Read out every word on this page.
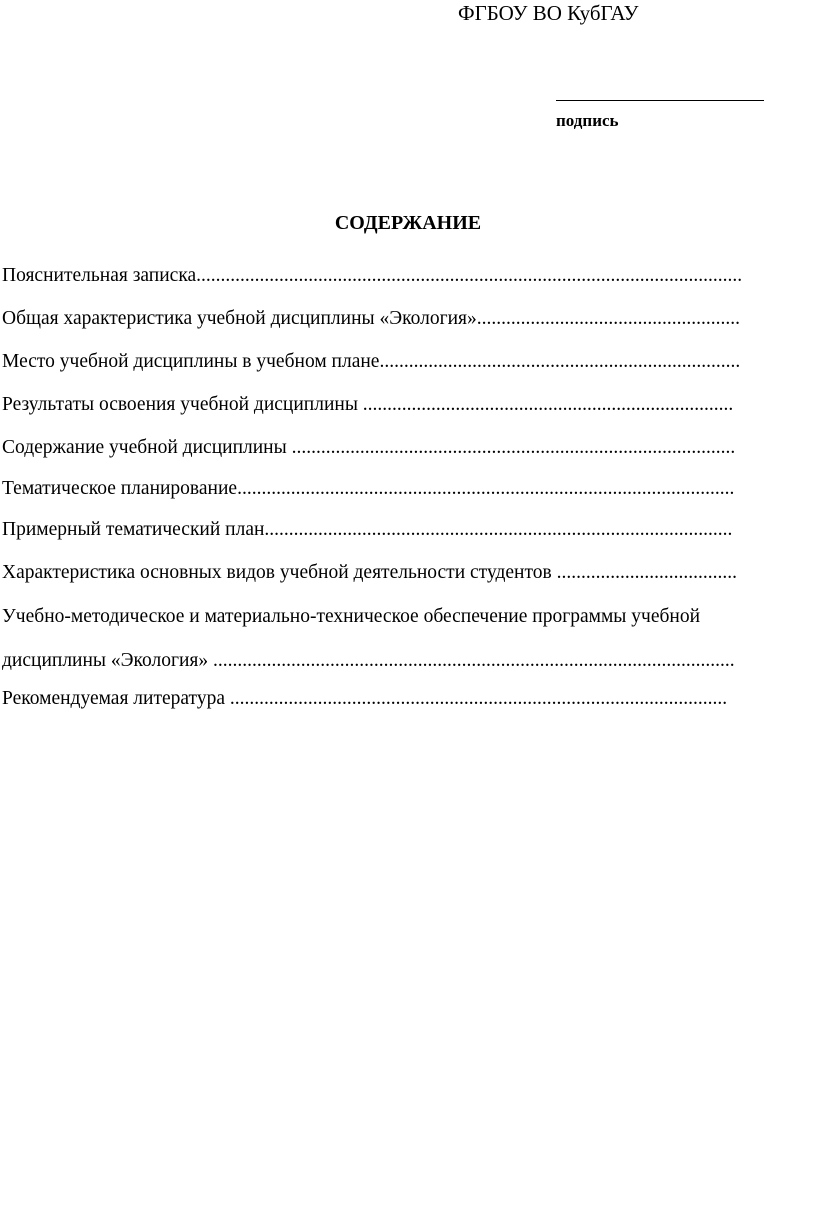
ФГБОУ ВО КубГАУ
подпись
СОДЕРЖАНИЕ
Пояснительная записка................................................................................................................
Общая характеристика учебной дисциплины «Экология»......................................................
Место учебной дисциплины в учебном плане..........................................................................
Результаты освоения учебной дисциплины ............................................................................
Содержание учебной дисциплины ...........................................................................................
Тематическое планирование......................................................................................................
Примерный тематический план................................................................................................
Характеристика основных видов учебной деятельности студентов .....................................
Учебно-методическое и материально-техническое обеспечение программы учебной
дисциплины «Экология» ...........................................................................................................
Рекомендуемая литература ......................................................................................................
